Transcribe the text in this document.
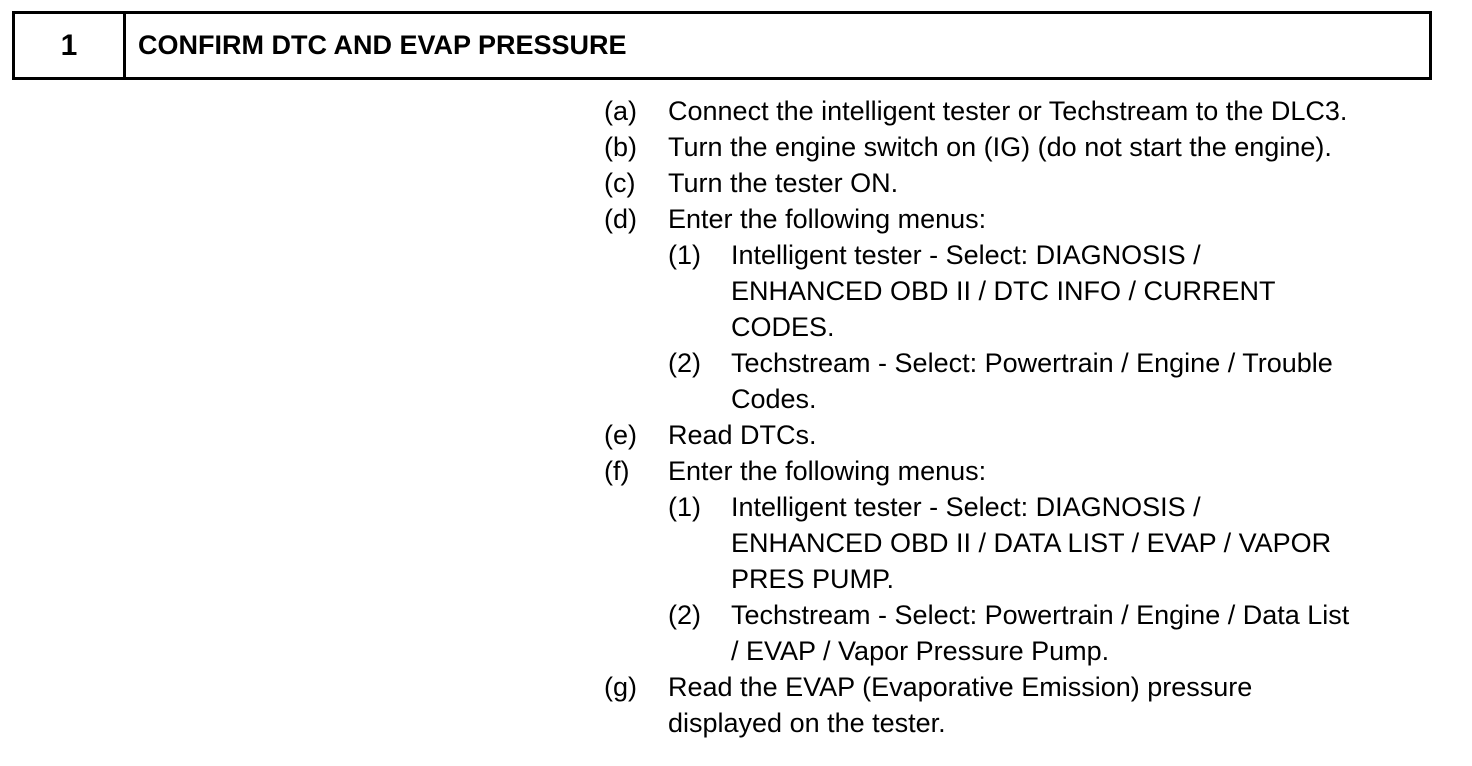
1	CONFIRM DTC AND EVAP PRESSURE
(a)	Connect the intelligent tester or Techstream to the DLC3.
(b)	Turn the engine switch on (IG) (do not start the engine).
(c)	Turn the tester ON.
(d)	Enter the following menus:
(1)	Intelligent tester - Select: DIAGNOSIS /
ENHANCED OBD II / DTC INFO / CURRENT
CODES.
(2)	Techstream - Select: Powertrain / Engine / Trouble
Codes.
(e)	Read DTCs.
(f)	Enter the following menus:
(1)	Intelligent tester - Select: DIAGNOSIS /
ENHANCED OBD II / DATA LIST / EVAP / VAPOR
PRES PUMP.
(2)	Techstream - Select: Powertrain / Engine / Data List
/ EVAP / Vapor Pressure Pump.
(g)	Read the EVAP (Evaporative Emission) pressure
displayed on the tester.
